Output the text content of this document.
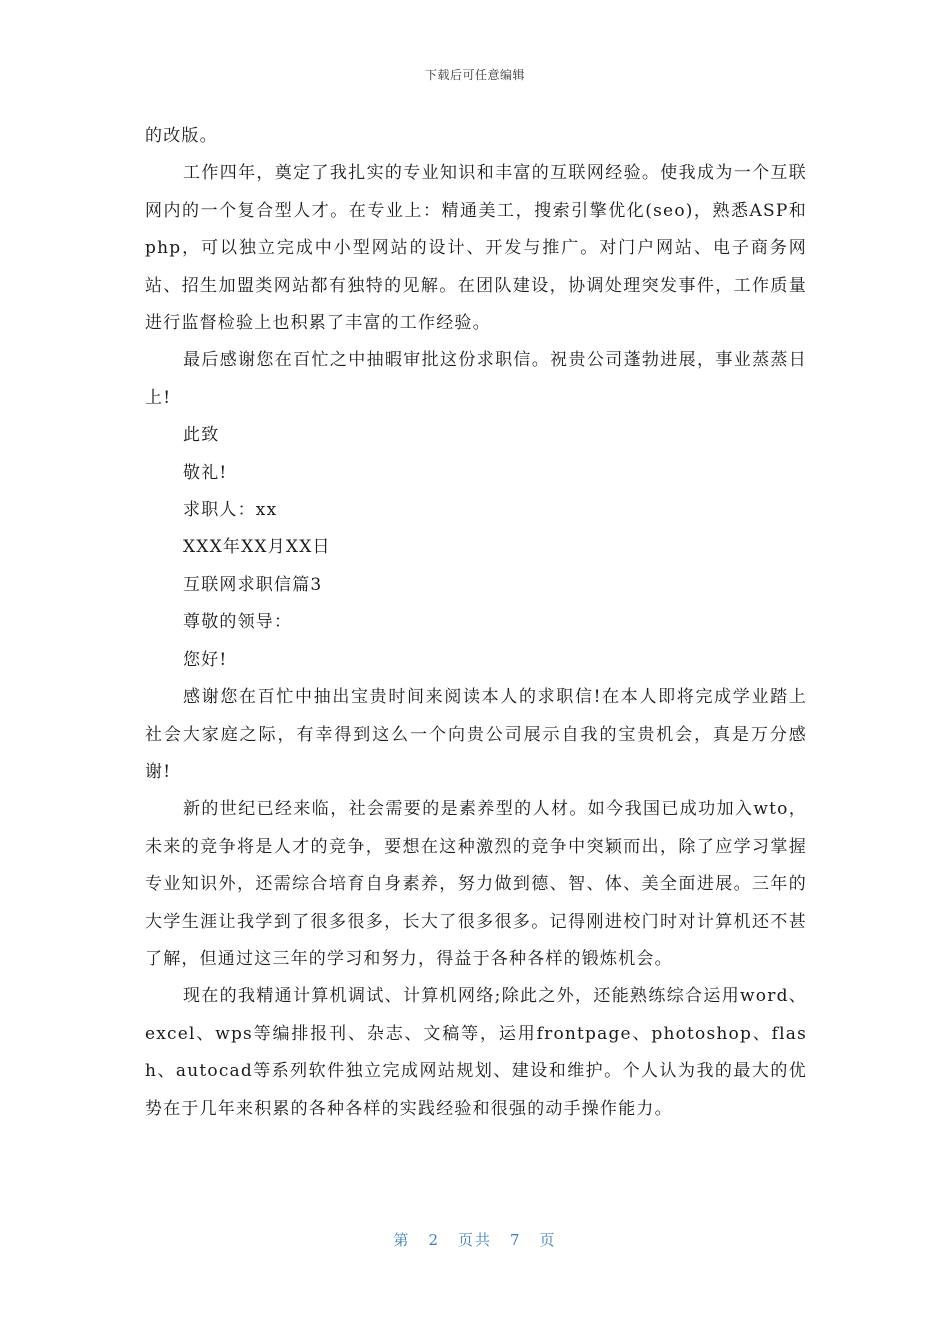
下载后可任意编辑

的改版。

工作四年，奠定了我扎实的专业知识和丰富的互联网经验。使我成为一个互联网内的一个复合型人才。在专业上：精通美工，搜索引擎优化(seo)，熟悉ASP和php，可以独立完成中小型网站的设计、开发与推广。对门户网站、电子商务网站、招生加盟类网站都有独特的见解。在团队建设，协调处理突发事件，工作质量进行监督检验上也积累了丰富的工作经验。

最后感谢您在百忙之中抽暇审批这份求职信。祝贵公司蓬勃进展，事业蒸蒸日上!

此致

敬礼!

求职人：xx

XXX年XX月XX日

互联网求职信篇3

尊敬的领导：

您好!

感谢您在百忙中抽出宝贵时间来阅读本人的求职信!在本人即将完成学业踏上社会大家庭之际，有幸得到这么一个向贵公司展示自我的宝贵机会，真是万分感谢!

新的世纪已经来临，社会需要的是素养型的人材。如今我国已成功加入wto，未来的竞争将是人才的竞争，要想在这种激烈的竞争中突颖而出，除了应学习掌握专业知识外，还需综合培育自身素养，努力做到德、智、体、美全面进展。三年的大学生涯让我学到了很多很多，长大了很多很多。记得刚进校门时对计算机还不甚了解，但通过这三年的学习和努力，得益于各种各样的锻炼机会。

现在的我精通计算机调试、计算机网络;除此之外，还能熟练综合运用word、excel、wps等编排报刊、杂志、文稿等，运用frontpage、photoshop、flash、autocad等系列软件独立完成网站规划、建设和维护。个人认为我的最大的优势在于几年来积累的各种各样的实践经验和很强的动手操作能力。

第 2 页共 7 页
